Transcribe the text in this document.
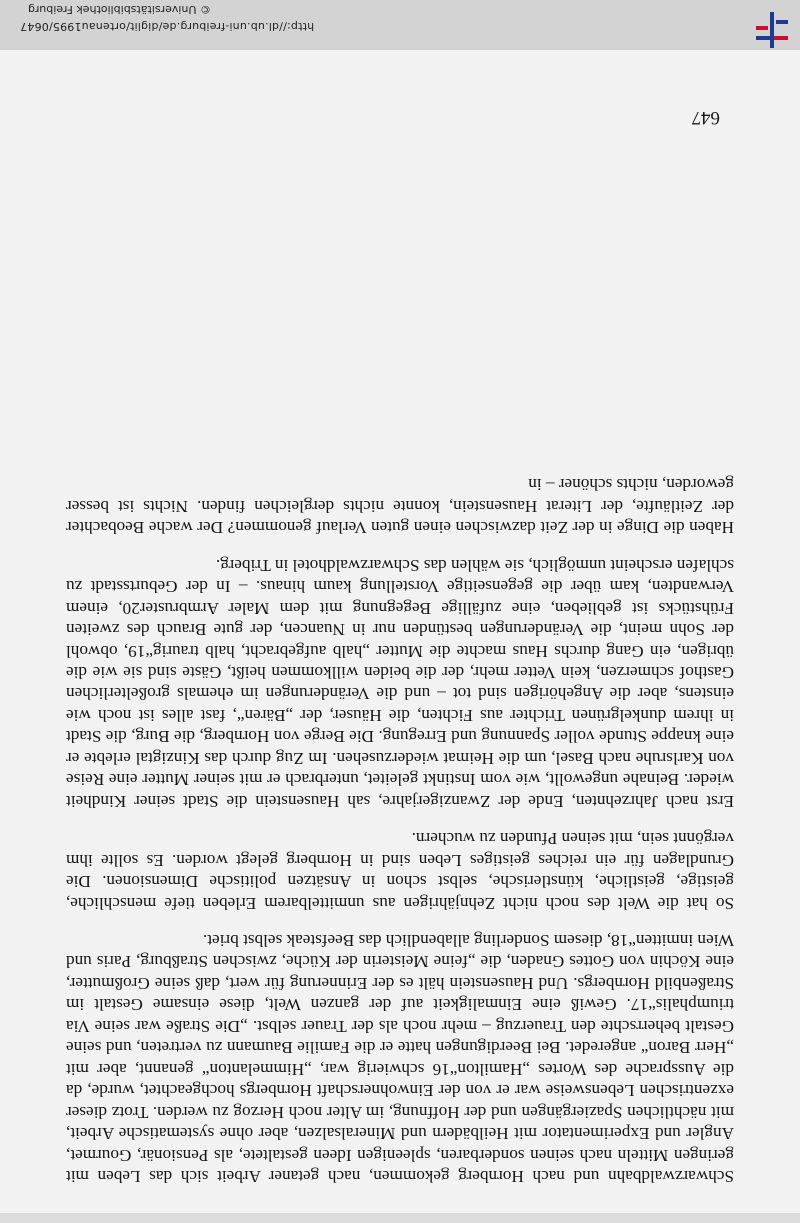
Schwarzwaldbahn und nach Hornberg gekommen, nach getaner Arbeit sich das Leben mit geringen Mitteln nach seinen sonderbaren, spleenigen Ideen gestaltete, als Pensionär, Gourmet, Angler und Experimentator mit Heilbädern und Mineralsalzen, aber ohne systematische Arbeit, mit nächtlichen Spaziergängen und der Hoffnung, im Alter noch Herzog zu werden. Trotz dieser exzentrischen Lebensweise war er von der Einwohnerschaft Hornbergs hochgeachtet, wurde, da die Aussprache des Wortes „Hamilton“16 schwierig war, „Himmelanton“ genannt, aber mit „Herr Baron“ angeredet. Bei Beerdigungen hatte er die Familie Baumann zu vertreten, und seine Gestalt beherrschte den Trauerzug – mehr noch als der Trauer selbst. „Die Straße war seine Via triumphalis“17. Gewiß eine Einmaligkeit auf der ganzen Welt, diese einsame Gestalt im Straßenbild Hornbergs. Und Hausenstein hält es der Erinnerung für wert, daß seine Großmutter, eine Köchin von Gottes Gnaden, die „feine Meisterin der Küche, zwischen Straßburg, Paris und Wien inmitten“18, diesem Sonderling allabendlich das Beefsteak selbst briet.

So hat die Welt des noch nicht Zehnjährigen aus unmittelbarem Erleben tiefe menschliche, geistige, geistliche, künstlerische, selbst schon in Ansätzen politische Dimensionen. Die Grundlagen für ein reiches geistiges Leben sind in Hornberg gelegt worden. Es sollte ihm vergönnt sein, mit seinen Pfunden zu wuchern.

Erst nach Jahrzehnten, Ende der Zwanzigerjahre, sah Hausenstein die Stadt seiner Kindheit wieder. Beinahe ungewollt, wie vom Instinkt geleitet, unterbrach er mit seiner Mutter eine Reise von Karlsruhe nach Basel, um die Heimat wiederzusehen. Im Zug durch das Kinzigtal erlebte er eine knappe Stunde voller Spannung und Erregung. Die Berge von Hornberg, die Burg, die Stadt in ihrem dunkelgrünen Trichter aus Fichten, die Häuser, der „Bären“, fast alles ist noch wie einstens, aber die Angehörigen sind tot – und die Veränderungen im ehemals großelterlichen Gasthof schmerzen, kein Vetter mehr, der die beiden willkommen heißt, Gäste sind sie wie die übrigen, ein Gang durchs Haus machte die Mutter „halb aufgebracht, halb traurig“19, obwohl der Sohn meint, die Veränderungen bestünden nur in Nuancen, der gute Brauch des zweiten Frühstücks ist geblieben, eine zufällige Begegnung mit dem Maler Armbruster20, einem Verwandten, kam über die gegenseitige Vorstellung kaum hinaus. – In der Geburtsstadt zu schlafen erscheint unmöglich, sie wählen das Schwarzwaldhotel in Triberg.

Haben die Dinge in der Zeit dazwischen einen guten Verlauf genommen? Der wache Beobachter der Zeitläufte, der Literat Hausenstein, konnte nichts dergleichen finden. Nichts ist besser geworden, nichts schöner – in

647
http://dl.ub.uni-freiburg.de/diglit/ortenau1995/0647
© Universitätsbibliothek Freiburg
